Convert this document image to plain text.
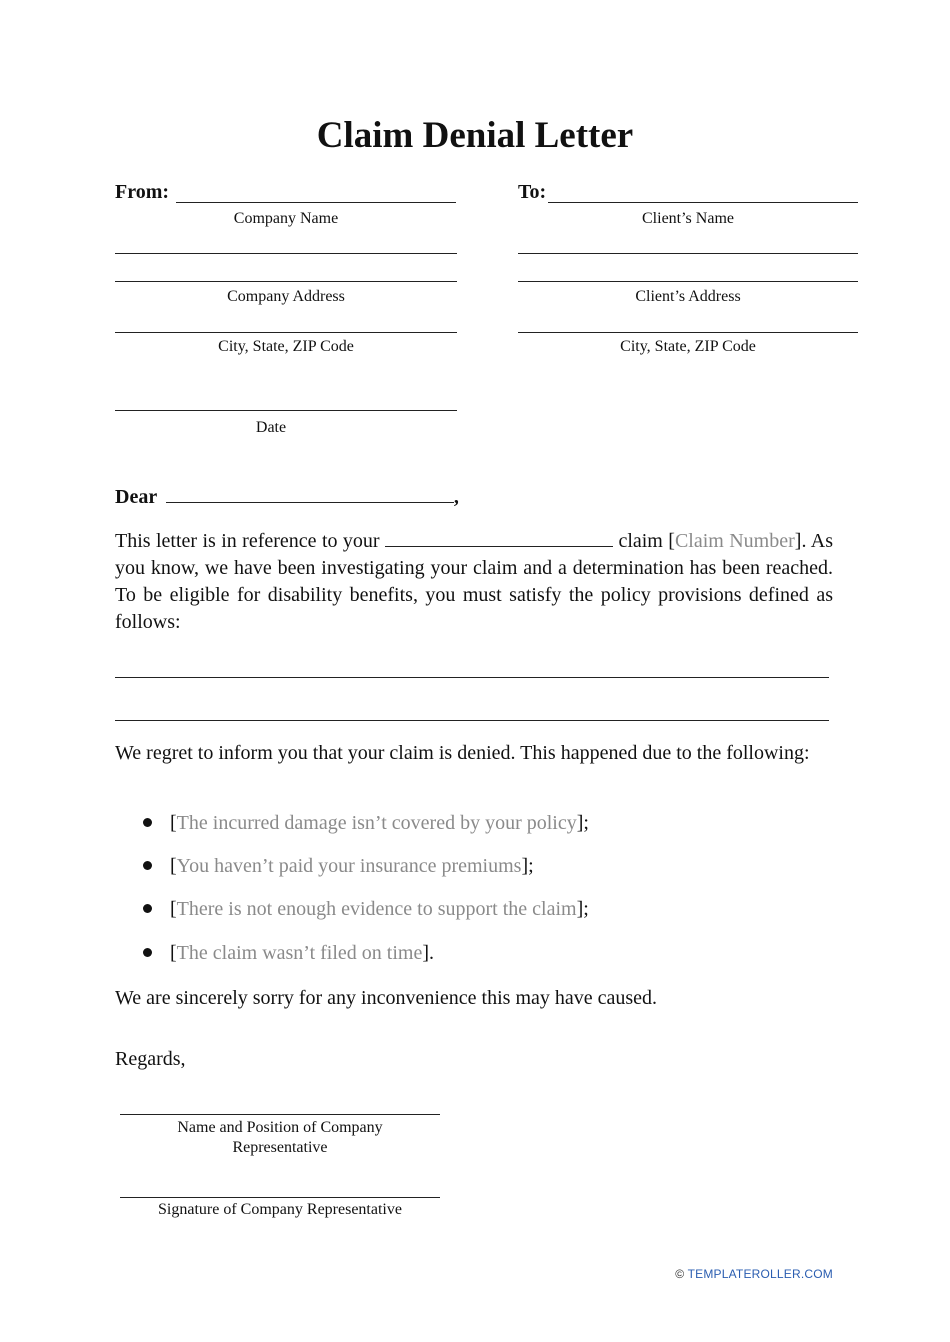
Claim Denial Letter
From:
Company Name
Company Address
City, State, ZIP Code
Date
To:
Client’s Name
Client’s Address
City, State, ZIP Code
Dear	,
This letter is in reference to your	claim [Claim Number]. As you know, we have been investigating your claim and a determination has been reached. To be eligible for disability benefits, you must satisfy the policy provisions defined as follows:
We regret to inform you that your claim is denied. This happened due to the following:
[The incurred damage isn’t covered by your policy];
[You haven’t paid your insurance premiums];
[There is not enough evidence to support the claim];
[The claim wasn’t filed on time].
We are sincerely sorry for any inconvenience this may have caused.
Regards,
Name and Position of Company Representative
Signature of Company Representative
© TEMPLATEROLLER.COM
